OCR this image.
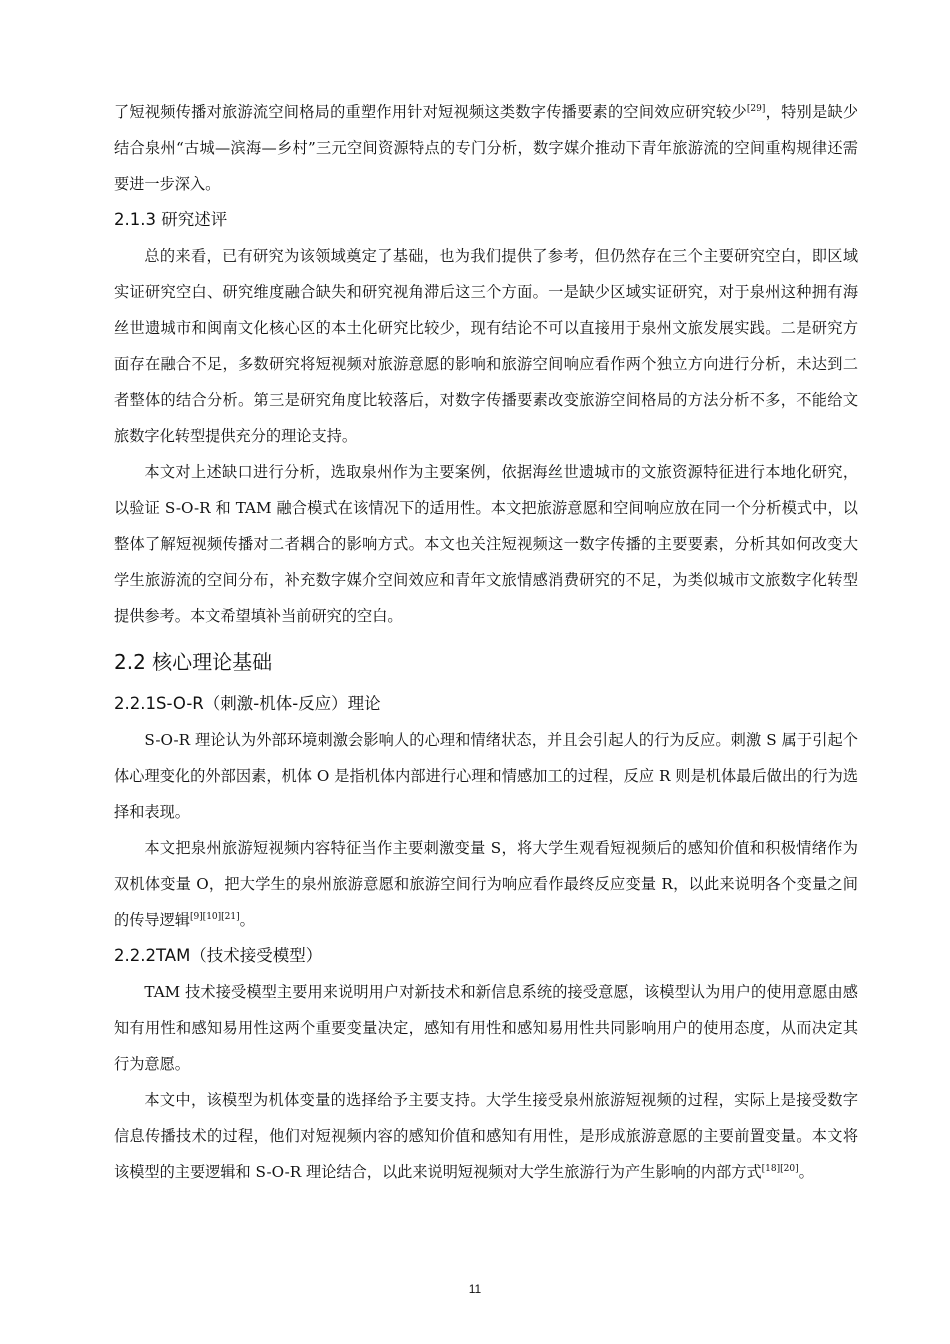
了短视频传播对旅游流空间格局的重塑作用针对短视频这类数字传播要素的空间效应研究较少[29]，特别是缺少结合泉州“古城—滨海—乡村”三元空间资源特点的专门分析，数字媒介推动下青年旅游流的空间重构规律还需要进一步深入。

2.1.3 研究述评

总的来看，已有研究为该领域奠定了基础，也为我们提供了参考，但仍然存在三个主要研究空白，即区域实证研究空白、研究维度融合缺失和研究视角滞后这三个方面。一是缺少区域实证研究，对于泉州这种拥有海丝世遗城市和闽南文化核心区的本土化研究比较少，现有结论不可以直接用于泉州文旅发展实践。二是研究方面存在融合不足，多数研究将短视频对旅游意愿的影响和旅游空间响应看作两个独立方向进行分析，未达到二者整体的结合分析。第三是研究角度比较落后，对数字传播要素改变旅游空间格局的方法分析不多，不能给文旅数字化转型提供充分的理论支持。

本文对上述缺口进行分析，选取泉州作为主要案例，依据海丝世遗城市的文旅资源特征进行本地化研究，以验证 S-O-R 和 TAM 融合模式在该情况下的适用性。本文把旅游意愿和空间响应放在同一个分析模式中，以整体了解短视频传播对二者耦合的影响方式。本文也关注短视频这一数字传播的主要要素，分析其如何改变大学生旅游流的空间分布，补充数字媒介空间效应和青年文旅情感消费研究的不足，为类似城市文旅数字化转型提供参考。本文希望填补当前研究的空白。

2.2 核心理论基础
2.2.1S-O-R（刺激-机体-反应）理论

S-O-R 理论认为外部环境刺激会影响人的心理和情绪状态，并且会引起人的行为反应。刺激 S 属于引起个体心理变化的外部因素，机体 O 是指机体内部进行心理和情感加工的过程，反应 R 则是机体最后做出的行为选择和表现。

本文把泉州旅游短视频内容特征当作主要刺激变量 S，将大学生观看短视频后的感知价值和积极情绪作为双机体变量 O，把大学生的泉州旅游意愿和旅游空间行为响应看作最终反应变量 R，以此来说明各个变量之间的传导逻辑[9][10][21]。

2.2.2TAM（技术接受模型）

TAM 技术接受模型主要用来说明用户对新技术和新信息系统的接受意愿，该模型认为用户的使用意愿由感知有用性和感知易用性这两个重要变量决定，感知有用性和感知易用性共同影响用户的使用态度，从而决定其行为意愿。

本文中，该模型为机体变量的选择给予主要支持。大学生接受泉州旅游短视频的过程，实际上是接受数字信息传播技术的过程，他们对短视频内容的感知价值和感知有用性，是形成旅游意愿的主要前置变量。本文将该模型的主要逻辑和 S-O-R 理论结合，以此来说明短视频对大学生旅游行为产生影响的内部方式[18][20]。

11
